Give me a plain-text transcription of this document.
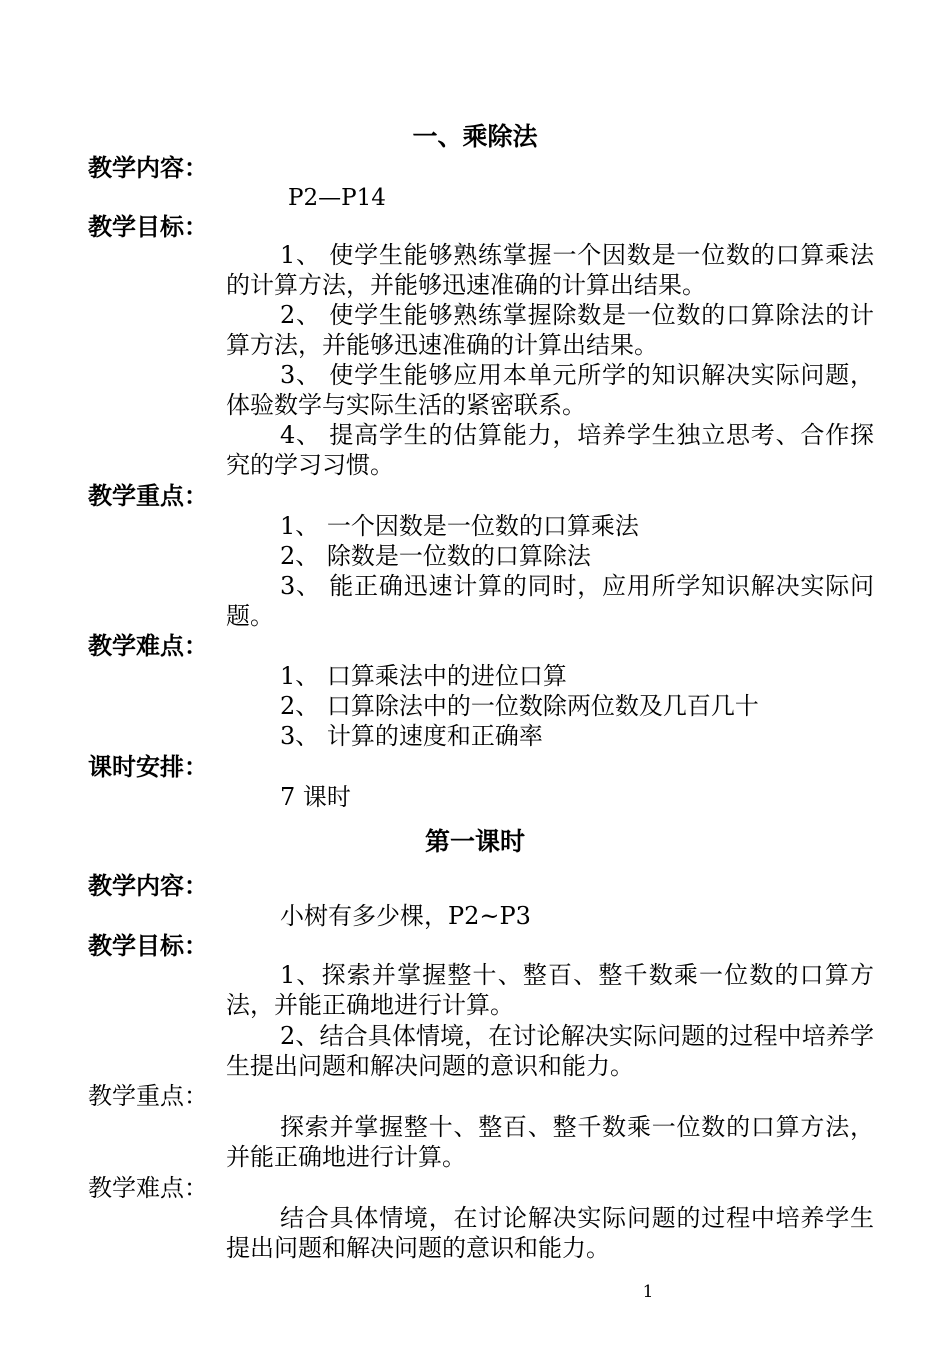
一、乘除法
教学内容：
P2—P14
教学目标：
1、 使学生能够熟练掌握一个因数是一位数的口算乘法的计算方法，并能够迅速准确的计算出结果。
2、 使学生能够熟练掌握除数是一位数的口算除法的计算方法，并能够迅速准确的计算出结果。
3、 使学生能够应用本单元所学的知识解决实际问题，体验数学与实际生活的紧密联系。
4、 提高学生的估算能力，培养学生独立思考、合作探究的学习习惯。
教学重点：
1、 一个因数是一位数的口算乘法
2、 除数是一位数的口算除法
3、 能正确迅速计算的同时，应用所学知识解决实际问题。
教学难点：
1、 口算乘法中的进位口算
2、 口算除法中的一位数除两位数及几百几十
3、 计算的速度和正确率
课时安排：
7 课时
第一课时
教学内容：
小树有多少棵，P2~P3
教学目标：
1、探索并掌握整十、整百、整千数乘一位数的口算方法，并能正确地进行计算。
2、结合具体情境，在讨论解决实际问题的过程中培养学生提出问题和解决问题的意识和能力。
教学重点：
探索并掌握整十、整百、整千数乘一位数的口算方法，并能正确地进行计算。
教学难点：
结合具体情境，在讨论解决实际问题的过程中培养学生提出问题和解决问题的意识和能力。
1
